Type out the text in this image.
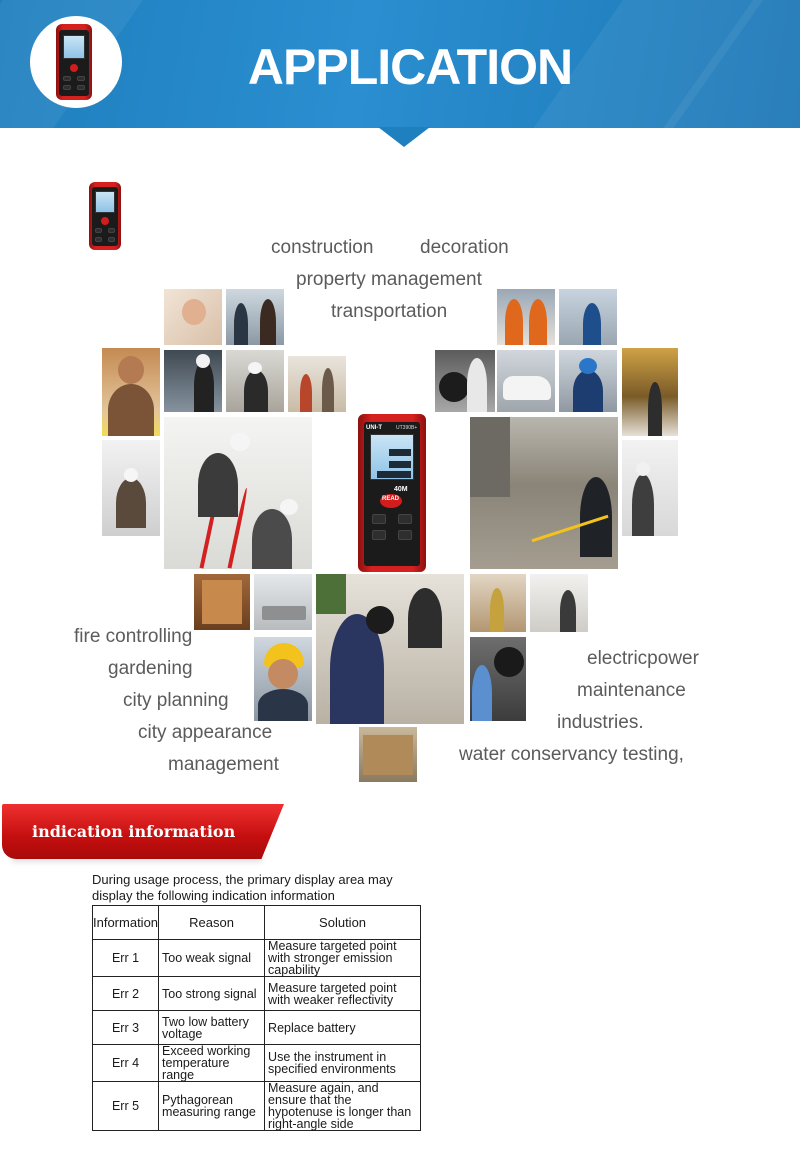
APPLICATION
construction decoration
property management
transportation
UNI-T	UT390B+
40M
READ
fire controlling
gardening
city planning
city appearance
management
electricpower
maintenance
industries.
water conservancy testing,
indication information
During usage process, the primary display area may display the following indication information
Information	Reason	Solution
Err 1	Too weak signal	Measure targeted point with stronger emission capability
Err 2	Too strong signal	Measure targeted point with weaker reflectivity
Err 3	Two low battery voltage	Replace battery
Err 4	Exceed working temperature range	Use the instrument in specified environments
Err 5	Pythagorean measuring range	Measure again, and ensure that the hypotenuse is longer than right-angle side
